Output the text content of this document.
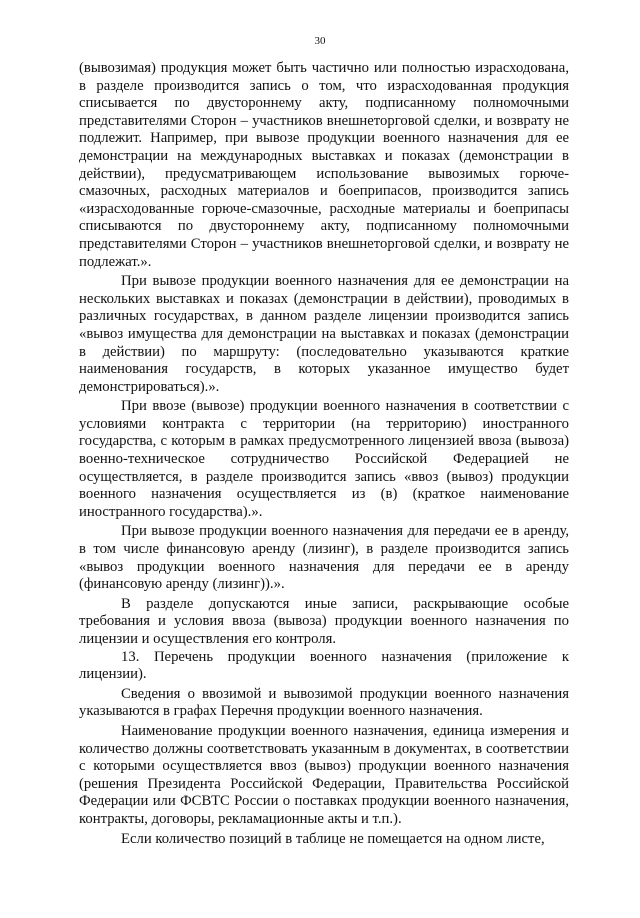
30

(вывозимая) продукция может быть частично или полностью израсходована, в разделе производится запись о том, что израсходованная продукция списывается по двустороннему акту, подписанному полномочными представителями Сторон – участников внешнеторговой сделки, и возврату не подлежит. Например, при вывозе продукции военного назначения для ее демонстрации на международных выставках и показах (демонстрации в действии), предусматривающем использование вывозимых горюче-смазочных, расходных материалов и боеприпасов, производится запись «израсходованные горюче-смазочные, расходные материалы и боеприпасы списываются по двустороннему акту, подписанному полномочными представителями Сторон – участников внешнеторговой сделки, и возврату не подлежат.».

При вывозе продукции военного назначения для ее демонстрации на нескольких выставках и показах (демонстрации в действии), проводимых в различных государствах, в данном разделе лицензии производится запись «вывоз имущества для демонстрации на выставках и показах (демонстрации в действии) по маршруту: (последовательно указываются краткие наименования государств, в которых указанное имущество будет демонстрироваться).».

При ввозе (вывозе) продукции военного назначения в соответствии с условиями контракта с территории (на территорию) иностранного государства, с которым в рамках предусмотренного лицензией ввоза (вывоза) военно-техническое сотрудничество Российской Федерацией не осуществляется, в разделе производится запись «ввоз (вывоз) продукции военного назначения осуществляется из (в) (краткое наименование иностранного государства).».

При вывозе продукции военного назначения для передачи ее в аренду, в том числе финансовую аренду (лизинг), в разделе производится запись «вывоз продукции военного назначения для передачи ее в аренду (финансовую аренду (лизинг)).».

В разделе допускаются иные записи, раскрывающие особые требования и условия ввоза (вывоза) продукции военного назначения по лицензии и осуществления его контроля.

13. Перечень продукции военного назначения (приложение к лицензии).

Сведения о ввозимой и вывозимой продукции военного назначения указываются в графах Перечня продукции военного назначения.

Наименование продукции военного назначения, единица измерения и количество должны соответствовать указанным в документах, в соответствии с которыми осуществляется ввоз (вывоз) продукции военного назначения (решения Президента Российской Федерации, Правительства Российской Федерации или ФСВТС России о поставках продукции военного назначения, контракты, договоры, рекламационные акты и т.п.).

Если количество позиций в таблице не помещается на одном листе,
